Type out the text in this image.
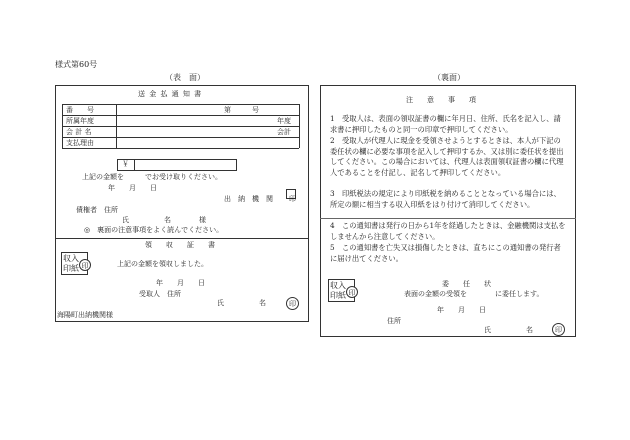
様式第60号
（表　面）
送 金 払 通 知 書
番　　号	第　　　号
所属年度	年度
会 計 名	会計
支払理由
￥
上記の金額を　　　でお受け取りください。
年　　月　　日
出　納　機　関 印
債権者　住所
氏　　　　　名　　　　様
◎　裏面の注意事項をよく読んでください。
領　　収　　証　　書
収入
印紙 印	上記の金額を領収しました。
年　　月　　日
受取人　住所
氏　　　　　名	印
海陽町出納機関様
（裏面）
注　　意　　事　　項
1　受取人は、表面の領収証書の欄に年月日、住所、氏名を記入し、請求書に押印したものと同一の印章で押印してください。
2　受取人が代理人に現金を受領させようとするときは、本人が下記の委任状の欄に必要な事項を記入して押印するか、又は別に委任状を提出してください。この場合においては、代理人は表面領収証書の欄に代理人であることを付記し、記名して押印してください。
3　印紙税法の規定により印紙税を納めることとなっている場合には、所定の額に相当する収入印紙をはり付けて消印してください。
4　この通知書は発行の日から1年を経過したときは、金融機関は支払をしませんから注意してください。
5　この通知書を亡失又は損傷したときは、直ちにこの通知書の発行者に届け出てください。
収入
印紙 印
委　　任　　状
表面の金額の受領を　　　　に委任します。
年　　月　　日
住所
氏　　　　　名	印
